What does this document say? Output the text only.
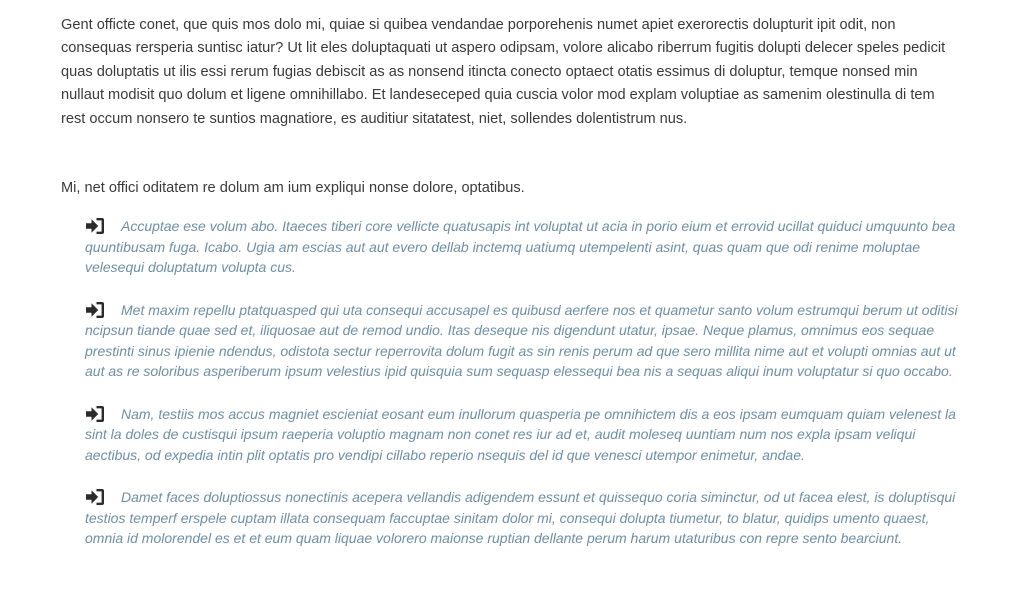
Gent officte conet, que quis mos dolo mi, quiae si quibea vendandae porporehenis numet apiet exerorectis dolupturit ipit odit, non consequas rersperia suntisc iatur? Ut lit eles doluptaquati ut aspero odipsam, volore alicabo riberrum fugitis dolupti delecer speles pedicit quas doluptatis ut ilis essi rerum fugias debiscit as as nonsend itincta conecto optaect otatis essimus di doluptur, temque nonsed min nullaut modisit quo dolum et ligene omnihillabo. Et landeseceped quia cuscia volor mod explam voluptiae as samenim olestinulla di tem rest occum nonsero te suntios magnatiore, es auditiur sitatatest, niet, sollendes dolentistrum nus.

Mi, net offici oditatem re dolum am ium expliqui nonse dolore, optatibus.

Accuptae ese volum abo. Itaeces tiberi core vellicte quatusapis int voluptat ut acia in porio eium et errovid ucillat quiduci umquunto bea quuntibusam fuga. Icabo. Ugia am escias aut aut evero dellab inctemq uatiumq utempelenti asint, quas quam que odi renime moluptae velesequi doluptatum volupta cus.
Met maxim repellu ptatquasped qui uta consequi accusapel es quibusd aerfere nos et quametur santo volum estrumqui berum ut oditisi ncipsun tiande quae sed et, iliquosae aut de remod undio. Itas deseque nis digendunt utatur, ipsae. Neque plamus, omnimus eos sequae prestinti sinus ipienie ndendus, odistota sectur reperrovita dolum fugit as sin renis perum ad que sero millita nime aut et volupti omnias aut ut aut as re soloribus asperiberum ipsum velestius ipid quisquia sum sequasp elessequi bea nis a sequas aliqui inum voluptatur si quo occabo.
Nam, testiis mos accus magniet escieniat eosant eum inullorum quasperia pe omnihictem dis a eos ipsam eumquam quiam velenest la sint la doles de custisqui ipsum raeperia voluptio magnam non conet res iur ad et, audit moleseq uuntiam num nos expla ipsam veliqui aectibus, od expedia intin plit optatis pro vendipi cillabo reperio nsequis del id que venesci utempor enimetur, andae.
Damet faces doluptiossus nonectinis acepera vellandis adigendem essunt et quissequo coria siminctur, od ut facea elest, is doluptisqui testios temperf erspele cuptam illata consequam faccuptae sinitam dolor mi, consequi dolupta tiumetur, to blatur, quidips umento quaest, omnia id molorendel es et et eum quam liquae volorero maionse ruptian dellante perum harum utaturibus con repre sento bearciunt.
